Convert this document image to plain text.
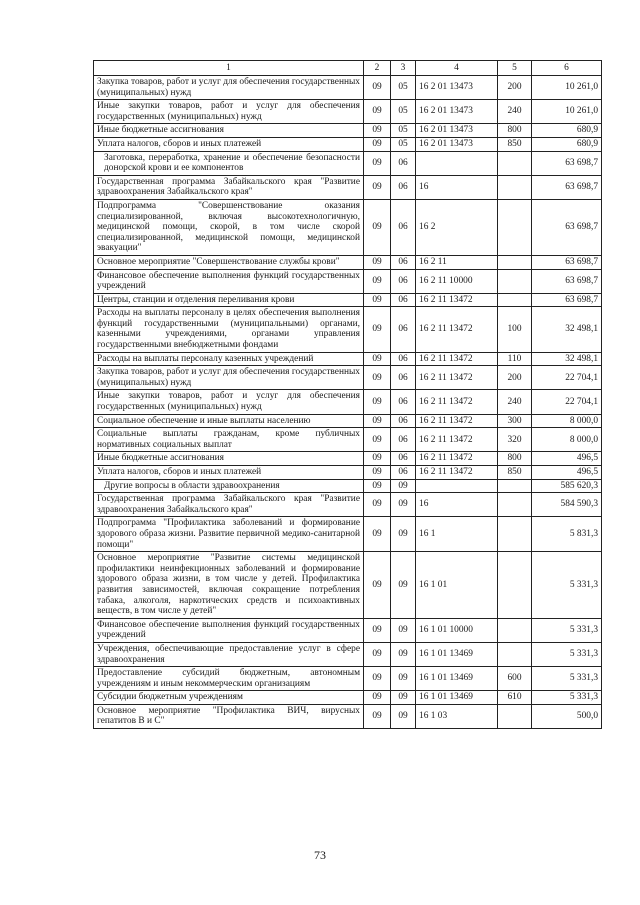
1	2	3	4	5	6
Закупка товаров, работ и услуг для обеспечения государственных (муниципальных) нужд	09	05	16 2 01 13473	200	10 261,0
Иные закупки товаров, работ и услуг для обеспечения государственных (муниципальных) нужд	09	05	16 2 01 13473	240	10 261,0
Иные бюджетные ассигнования	09	05	16 2 01 13473	800	680,9
Уплата налогов, сборов и иных платежей	09	05	16 2 01 13473	850	680,9
Заготовка, переработка, хранение и обеспечение безопасности донорской крови и ее компонентов	09	06			63 698,7
Государственная программа Забайкальского края "Развитие здравоохранения Забайкальского края"	09	06	16		63 698,7
Подпрограмма "Совершенствование оказания специализированной, включая высокотехнологичную, медицинской помощи, скорой, в том числе скорой специализированной, медицинской помощи, медицинской эвакуации"	09	06	16 2		63 698,7
Основное мероприятие "Совершенствование службы крови"	09	06	16 2 11		63 698,7
Финансовое обеспечение выполнения функций государственных учреждений	09	06	16 2 11 10000		63 698,7
Центры, станции и отделения переливания крови	09	06	16 2 11 13472		63 698,7
Расходы на выплаты персоналу в целях обеспечения выполнения функций государственными (муниципальными) органами, казенными учреждениями, органами управления государственными внебюджетными фондами	09	06	16 2 11 13472	100	32 498,1
Расходы на выплаты персоналу казенных учреждений	09	06	16 2 11 13472	110	32 498,1
Закупка товаров, работ и услуг для обеспечения государственных (муниципальных) нужд	09	06	16 2 11 13472	200	22 704,1
Иные закупки товаров, работ и услуг для обеспечения государственных (муниципальных) нужд	09	06	16 2 11 13472	240	22 704,1
Социальное обеспечение и иные выплаты населению	09	06	16 2 11 13472	300	8 000,0
Социальные выплаты гражданам, кроме публичных нормативных социальных выплат	09	06	16 2 11 13472	320	8 000,0
Иные бюджетные ассигнования	09	06	16 2 11 13472	800	496,5
Уплата налогов, сборов и иных платежей	09	06	16 2 11 13472	850	496,5
Другие вопросы в области здравоохранения	09	09			585 620,3
Государственная программа Забайкальского края "Развитие здравоохранения Забайкальского края"	09	09	16		584 590,3
Подпрограмма "Профилактика заболеваний и формирование здорового образа жизни. Развитие первичной медико-санитарной помощи"	09	09	16 1		5 831,3
Основное мероприятие "Развитие системы медицинской профилактики неинфекционных заболеваний и формирование здорового образа жизни, в том числе у детей. Профилактика развития зависимостей, включая сокращение потребления табака, алкоголя, наркотических средств и психоактивных веществ, в том числе у детей"	09	09	16 1 01		5 331,3
Финансовое обеспечение выполнения функций государственных учреждений	09	09	16 1 01 10000		5 331,3
Учреждения, обеспечивающие предоставление услуг в сфере здравоохранения	09	09	16 1 01 13469		5 331,3
Предоставление субсидий бюджетным, автономным учреждениям и иным некоммерческим организациям	09	09	16 1 01 13469	600	5 331,3
Субсидии бюджетным учреждениям	09	09	16 1 01 13469	610	5 331,3
Основное мероприятие "Профилактика ВИЧ, вирусных гепатитов В и С"	09	09	16 1 03		500,0
73
